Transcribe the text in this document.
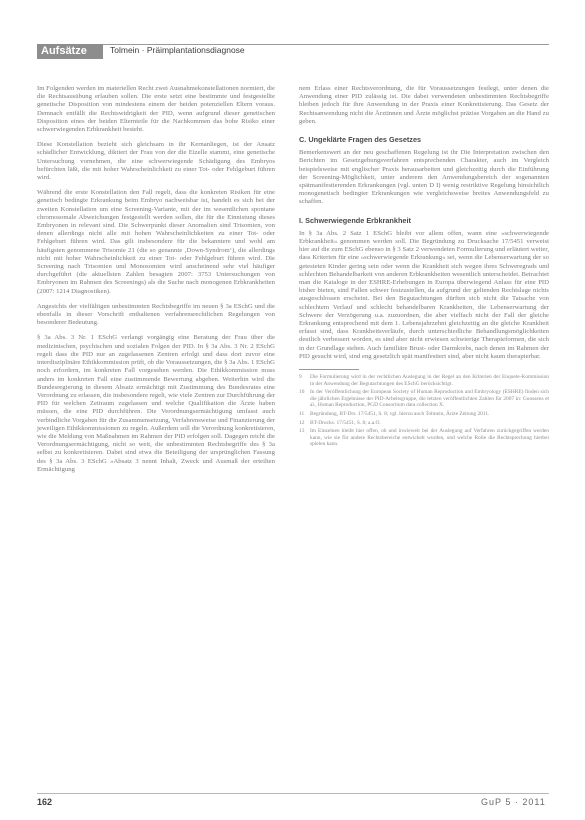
Aufsätze	Tolmein · Präimplantationsdiagnose

Im Folgenden werden im materiellen Recht zwei Ausnahmekonstellationen normiert, die die Rechtsausübung erlauben sollen. Die erste setzt eine bestimmte und festgestellte genetische Disposition von mindestens einem der beiden potenziellen Eltern voraus. Demnach entfällt die Rechtswidrigkeit der PID, wenn aufgrund dieser genetischen Disposition eines der beiden Elternteile für die Nachkommen das hohe Risiko einer schwerwiegenden Erbkrankheit besteht.

Diese Konstellation bezieht sich gleichsam in ihr Kernanliegen, ist der Ansatz schädlicher Entwicklung, diktiert der Frau von der die Eizelle stammt, eine genetische Untersuchung vornehmen, die eine schwerwiegende Schädigung des Embryos befürchten läßt, die mit hoher Wahrscheinlichkeit zu einer Tot- oder Fehlgeburt führen wird.

Während die erste Konstellation den Fall regelt, dass die konkreten Risiken für eine genetisch bedingte Erkrankung beim Embryo nachweisbar ist, handelt es sich bei der zweiten Konstellation um eine Screening-Variante, mit der im wesentlichen spontane chromosomale Abweichungen festgestellt werden sollen, die für die Einnistung dieses Embryonen in relevant sind. Die Schwerpunkt dieser Anomalien sind Trisomien, von denen allerdings nicht alle mit hohen Wahrscheinlichkeiten zu einer Tot- oder Fehlgeburt führen wird. Das gilt insbesondere für die bekanntere und wohl am häufigsten genommene Trisomie 21 (die so genannte ‚Down-Syndrom‘), die allerdings nicht mit hoher Wahrscheinlichkeit zu einer Tot- oder Fehlgeburt führen wird. Die Screening nach Trisomien und Monosomien wird anscheinend sehr viel häufiger durchgeführt (die aktuellsten Zahlen besagten 2007: 3753 Untersuchungen von Embryonen im Rahmen des Screenings) als die Suche nach monogenen Erbkrankheiten (2007: 1214 Diagnostiken).

Angesichts der vielfältigen unbestimmten Rechtsbegriffe im neuen § 3a ESchG und die ebenfalls in dieser Vorschrift enthaltenen verfahrensrechtlichen Regelungen von besonderer Bedeutung.

§ 3a Abs. 3 Nr. 1 ESchG verlangt vorgängig eine Beratung der Frau über die medizinischen, psychischen und sozialen Folgen der PID. In § 3a Abs. 3 Nr. 2 ESchG regelt dass die PID nur an zugelassenen Zentren erfolgt und dass dort zuvor eine interdisziplinäre Ethikkommission prüft, ob die Voraussetzungen, die § 3a Abs. 1 ESchG noch erfordern, im konkreten Fall vorgesehen werden. Die Ethikkommission muss anders im konkreten Fall eine zustimmende Bewertung abgeben. Weiterhin wird die Bundesregierung in diesem Absatz ermächtigt mit Zustimmung des Bundesrates eine Verordnung zu erlassen, die insbesondere regelt, wie viele Zentren zur Durchführung der PID für welchen Zeitraum zugelassen und welche Qualifikation die Ärzte haben müssen, die eine PID durchführen. Die Verordnungsermächtigung umfasst auch verbindliche Vorgaben für die Zusammensetzung, Verfahrensweise und Finanzierung der jeweiligen Ethikkommissionen zu regeln. Außerdem soll die Verordnung konkretisieren, wie die Meldung von Maßnahmen im Rahmen der PID erfolgen soll. Dagegen reicht die Verordnungsermächtigung, nicht so weit, die unbestimmten Rechtsbegriffe des § 3a selbst zu konkretisieren. Dabei sind etwa die Beteiligung der ursprünglichen Fassung des § 3a Abs. 3 ESchG »Absatz 3 nennt Inhalt, Zweck und Ausmaß der erteilten Ermächtigung

nem Erlass einer Rechtsverordnung, die für Voraussetzungen festlegt, unter denen die Anwendung einer PID zulässig ist. Die dabei verwendeten unbestimmten Rechtsbegriffe bleiben jedoch für ihre Anwendung in der Praxis einer Konkretisierung. Das Gesetz der Rechtsanwendung nicht die Ärztinnen und Ärzte möglichst präzise Vorgaben an die Hand zu geben.

C. Ungeklärte Fragen des Gesetzes

Bemerkenswert an der neu geschaffenen Regelung ist ihr Die Interpretation zwischen den Berichten im Gesetzgebungsverfahren entsprechenden Charakter, auch im Vergleich beispielsweise mit englischer Praxis herausarbeiten und gleichzeitig durch die Einführung der Screening-Möglichkeit, unter anderem den Anwendungsbereich der sogenannten spätmanifestierenden Erkrankungen (vgl. unten D I) wenig restriktive Regelung hinsichtlich monogenetisch bedingter Erkrankungen wie vergleichsweise breites Anwendungsfeld zu schaffen.

I. Schwerwiegende Erbkrankheit

In § 3a Abs. 2 Satz 1 ESchG bleibt vor allem offen, wann eine »schwerwiegende Erbkrankheit« genommen werden soll. Die Begründung zu Drucksache 17/5451 verweist hier auf die zum ESchG ebenso in § 3 Satz 2 verwendeten Formulierung und erläutert weiter, dass Kriterien für eine »schwerwiegende Erkrankung« sei, wenn die Lebenserwartung der so getesteten Kinder gering sein oder wenn die Krankheit sich wegen ihres Schweregrads und schlechten Behandelbarkeit von anderen Erbkrankheiten wesentlich unterscheidet. Betrachtet man die Kataloge in der ESHRE-Erhebungen in Europa überwiegend Anlass für eine PID bisher bieten, sind Fallen schwer festzustellen, da aufgrund der geltenden Rechtslage nichts ausgeschlossen erscheint. Bei den Begutachtungen dürften sich nicht die Tatsache von schlechtem Verlauf und schlecht behandelbaren Krankheiten, die Lebenserwartung der Schwere der Verzögerung u.a. zuzuordnen, die aber vielfach nicht der Fall der gleiche Erkrankung entsprechend mit dem 1. Lebensjahrzehnt gleichzeitig an die gleiche Krankheit erfasst sind, dass Krankheitsverläufe, durch unterschiedliche Behandlungsmöglichkeiten deutlich verbessert worden, es sind aber nicht erwiesen schwierige Therapieformen, die sich in der Grundlage stehen. Auch familiäre Brust- oder Darmkrebs, nach denen im Rahmen der PID gesucht wird, sind eng gesetzlich spät manifestiert sind, aber nicht kaum therapierbar.

9	Die Formulierung wird in der rechtlichen Auslegung in der Regel an den Kriterien der Enquete-Kommission in der Anwendung der Begutachtungen des ESchG berücksichtigt.
10	In der Veröffentlichung der European Society of Human Reproduction and Embryology (ESHRE) finden sich die jährlichen Ergebnisse der PID-Arbeitsgruppe, die letzten veröffentlichten Zahlen für 2007 in: Goossens et al., Human Reproduction, PGD Consortium data collection X.
11	Begründung, BT-Drs. 17/5451, S. 8; vgl. hierzu auch Tolmein, Ärzte Zeitung 2011.
12	BT-Drucks. 17/5451, S. 8; a.a.O.
13	Im Einzelnen bleibt hier offen, ob und inwieweit bei der Auslegung auf Verfahren zurückgegriffen werden kann, wie sie für andere Rechtsbereiche entwickelt wurden, und welche Rolle die Rechtsprechung hierbei spielen kann.
162	GuP 5 · 2011
